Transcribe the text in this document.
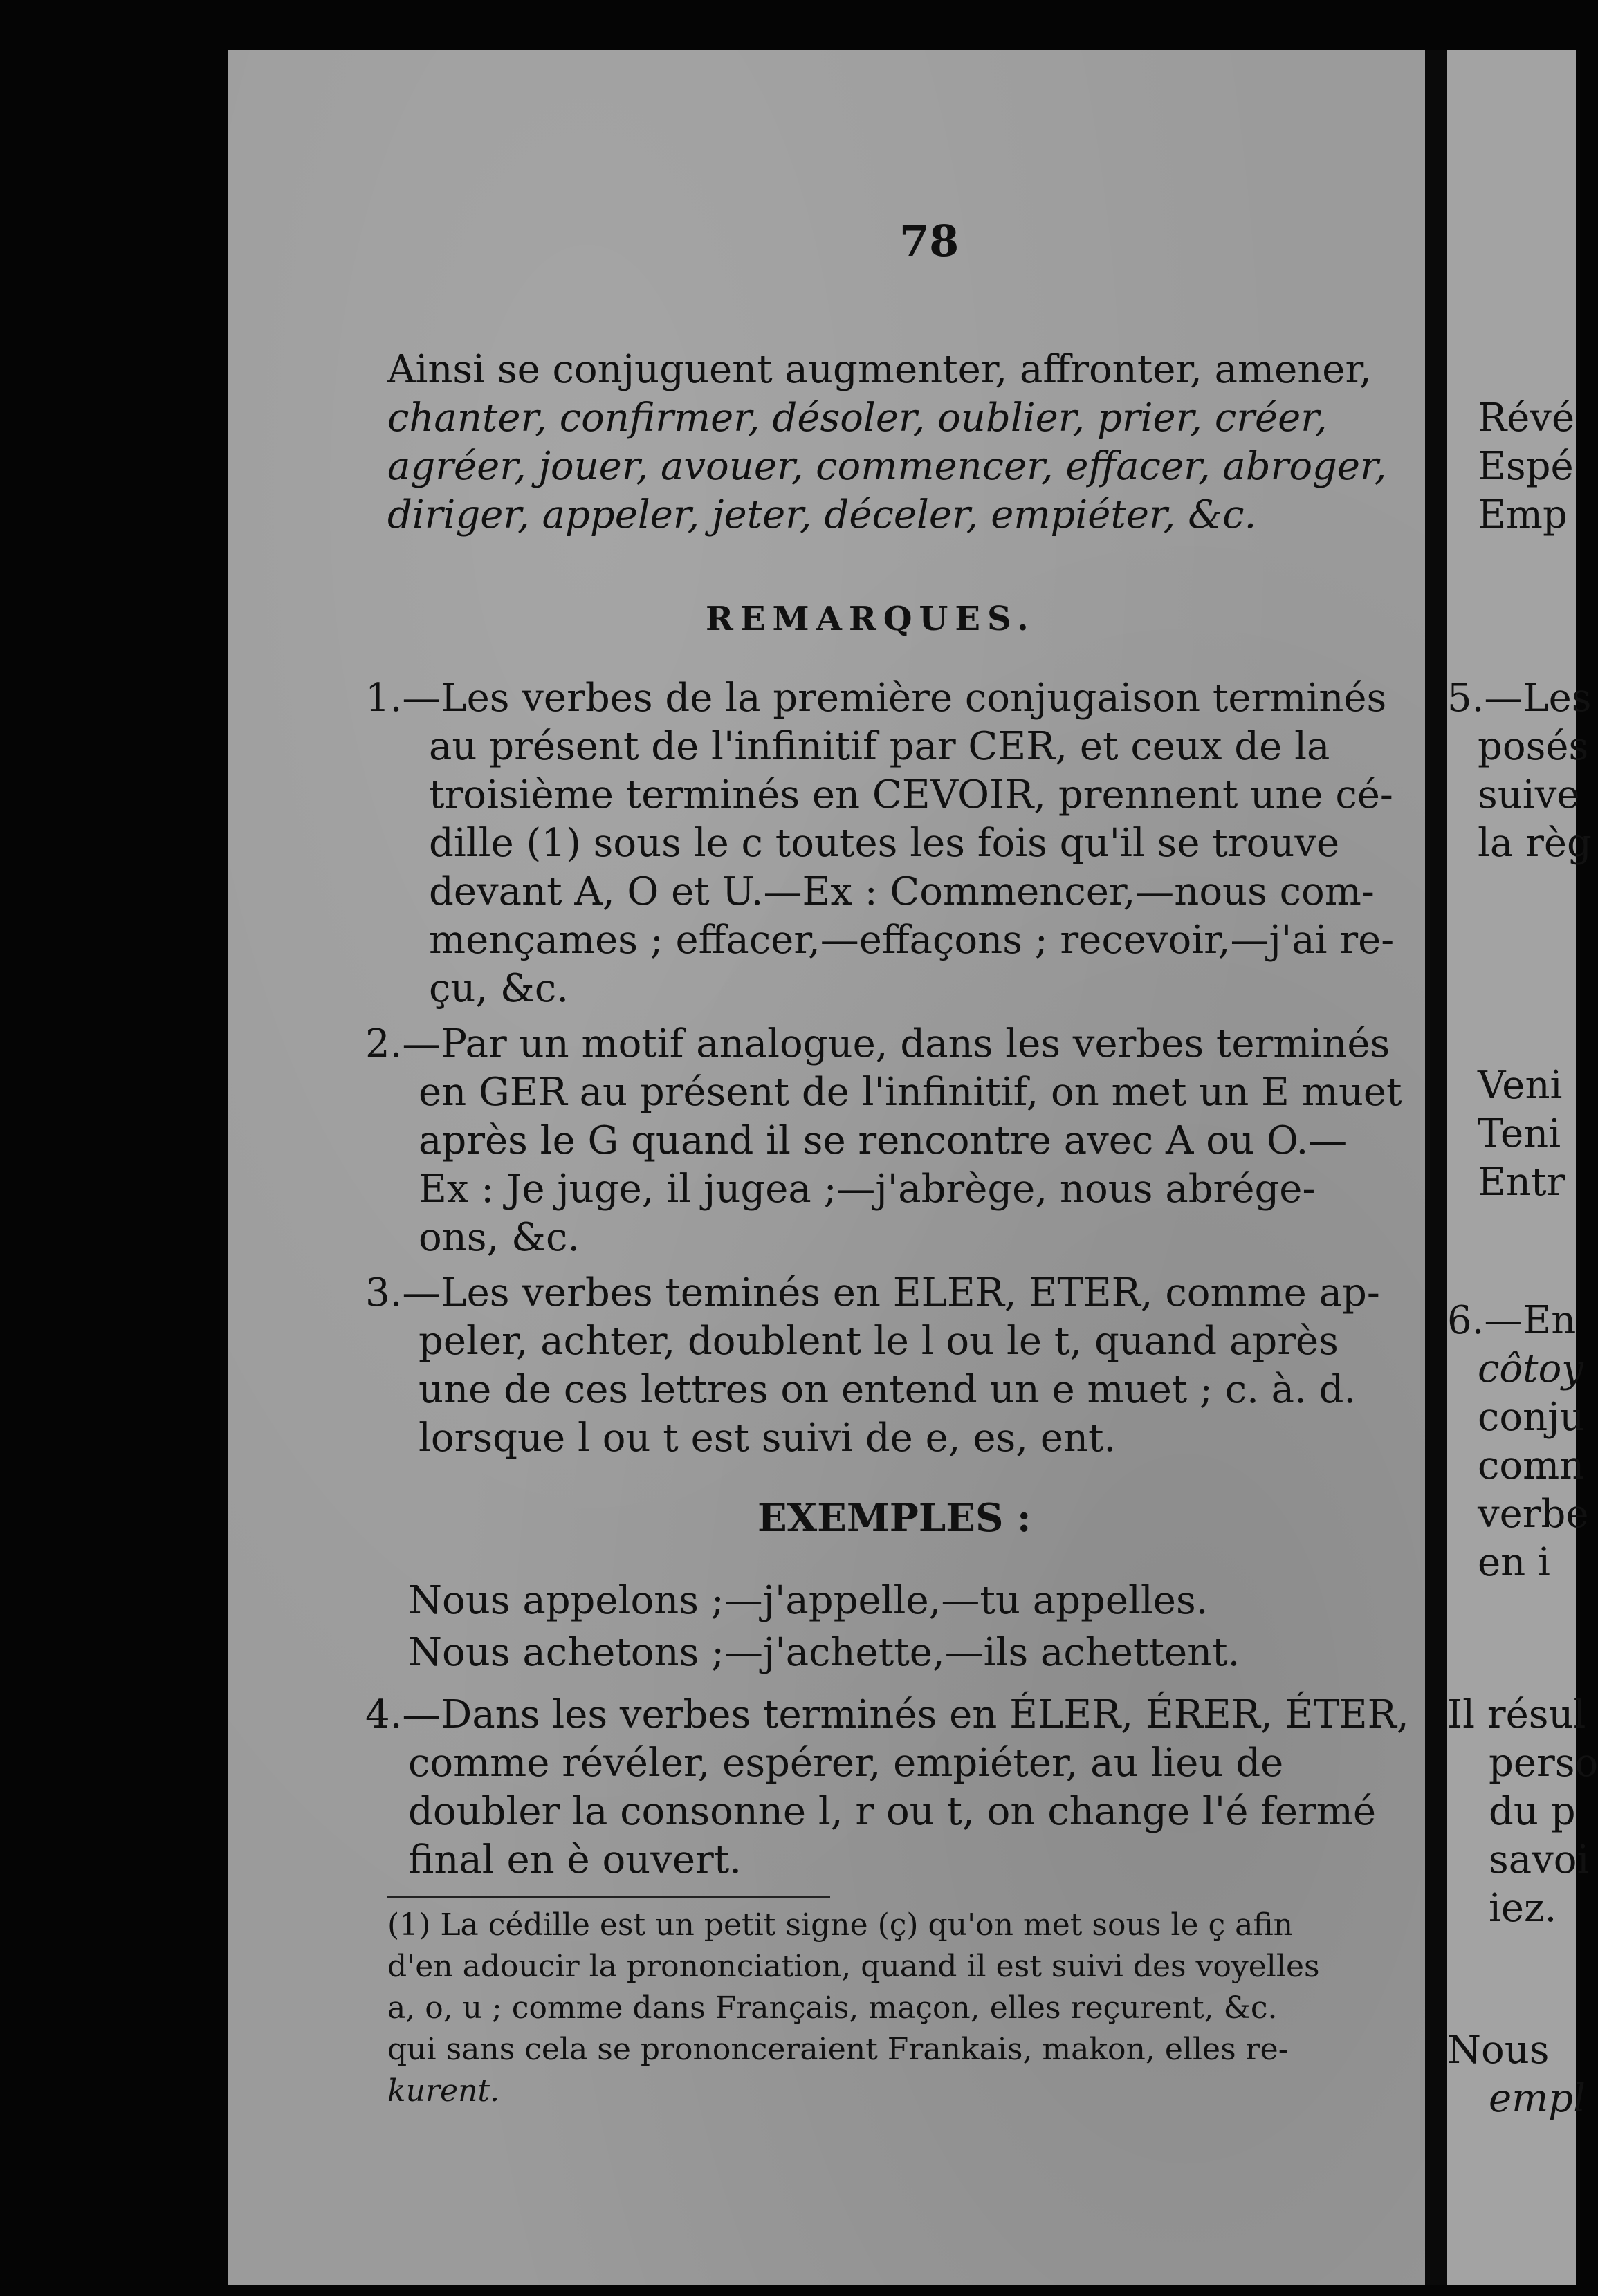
78
Ainsi se conjuguent augmenter, affronter, amener,
chanter, confirmer, désoler, oublier, prier, créer,
agréer, jouer, avouer, commencer, effacer, abroger,
diriger, appeler, jeter, déceler, empiéter, &c.
REMARQUES.
1.—Les verbes de la première conjugaison terminés
au présent de l'infinitif par CER, et ceux de la
troisième terminés en CEVOIR, prennent une cé-
dille (1) sous le c toutes les fois qu'il se trouve
devant A, O et U.—Ex : Commencer,—nous com-
mençames ; effacer,—effaçons ; recevoir,—j'ai re-
çu, &c.
2.—Par un motif analogue, dans les verbes terminés
en GER au présent de l'infinitif, on met un E muet
après le G quand il se rencontre avec A ou O.—
Ex : Je juge, il jugea ;—j'abrège, nous abrége-
ons, &c.
3.—Les verbes teminés en ELER, ETER, comme ap-
peler, achter, doublent le l ou le t, quand après
une de ces lettres on entend un e muet ; c. à. d.
lorsque l ou t est suivi de e, es, ent.
EXEMPLES :
Nous appelons ;—j'appelle,—tu appelles.
Nous achetons ;—j'achette,—ils achettent.
4.—Dans les verbes terminés en ÉLER, ÉRER, ÉTER,
comme révéler, espérer, empiéter, au lieu de
doubler la consonne l, r ou t, on change l'é fermé
final en è ouvert.
(1) La cédille est un petit signe (ç) qu'on met sous le ç afin
d'en adoucir la prononciation, quand il est suivi des voyelles
a, o, u ; comme dans Français, maçon, elles reçurent, &c.
qui sans cela se prononceraient Frankais, makon, elles re-
kurent.
Révé
Espé
Emp
5.—Les
posés
suive
la règ
Veni
Teni
Entr
6.—En
côtoy
conju
comn
verbe
en i
Il résul
perso
du p
savoi
iez.
Nous
empl
